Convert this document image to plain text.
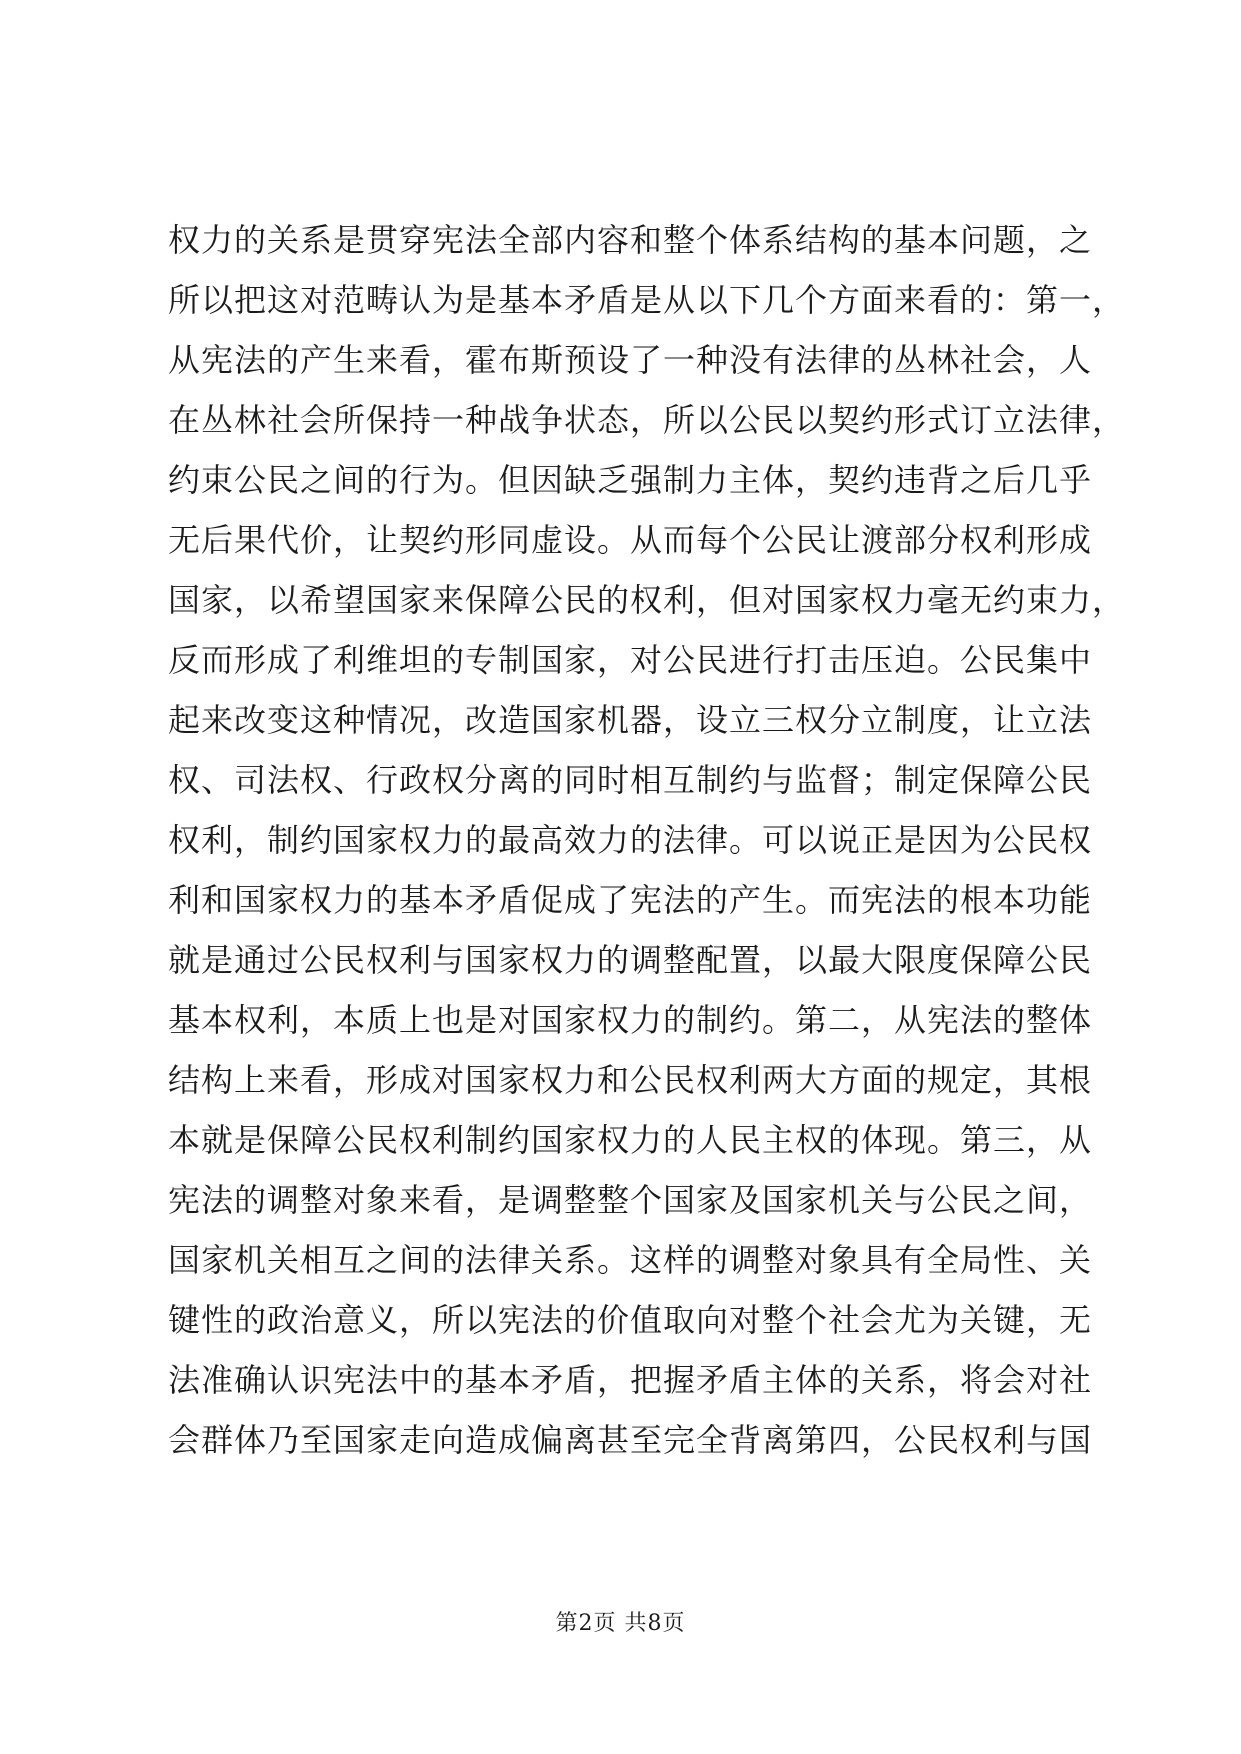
权力的关系是贯穿宪法全部内容和整个体系结构的基本问题，之
所以把这对范畴认为是基本矛盾是从以下几个方面来看的：第一，
从宪法的产生来看，霍布斯预设了一种没有法律的丛林社会，人
在丛林社会所保持一种战争状态，所以公民以契约形式订立法律，
约束公民之间的行为。但因缺乏强制力主体，契约违背之后几乎
无后果代价，让契约形同虚设。从而每个公民让渡部分权利形成
国家，以希望国家来保障公民的权利，但对国家权力毫无约束力，
反而形成了利维坦的专制国家，对公民进行打击压迫。公民集中
起来改变这种情况，改造国家机器，设立三权分立制度，让立法
权、司法权、行政权分离的同时相互制约与监督；制定保障公民
权利，制约国家权力的最高效力的法律。可以说正是因为公民权
利和国家权力的基本矛盾促成了宪法的产生。而宪法的根本功能
就是通过公民权利与国家权力的调整配置，以最大限度保障公民
基本权利，本质上也是对国家权力的制约。第二，从宪法的整体
结构上来看，形成对国家权力和公民权利两大方面的规定，其根
本就是保障公民权利制约国家权力的人民主权的体现。第三，从
宪法的调整对象来看，是调整整个国家及国家机关与公民之间，
国家机关相互之间的法律关系。这样的调整对象具有全局性、关
键性的政治意义，所以宪法的价值取向对整个社会尤为关键，无
法准确认识宪法中的基本矛盾，把握矛盾主体的关系，将会对社
会群体乃至国家走向造成偏离甚至完全背离第四，公民权利与国
第2页 共8页
